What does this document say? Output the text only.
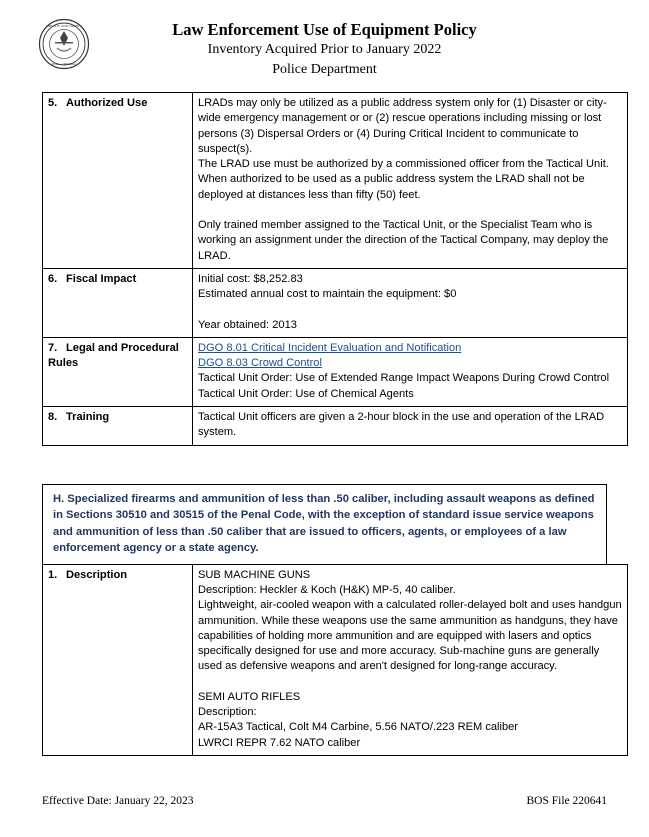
THE CITY AND COUNTY
SEAL · OFFICIAL

Law Enforcement Use of Equipment Policy

Inventory Acquired Prior to January 2022

Police Department

5. Authorized Use	LRADs may only be utilized as a public address system only for (1) Disaster or city-wide emergency management or or (2) rescue operations including missing or lost persons (3) Dispersal Orders or (4) During Critical Incident to communicate to suspect(s).

The LRAD use must be authorized by a commissioned officer from the Tactical Unit.

When authorized to be used as a public address system the LRAD shall not be deployed at distances less than fifty (50) feet.

Only trained member assigned to the Tactical Unit, or the Specialist Team who is working an assignment under the direction of the Tactical Company, may deploy the LRAD.

6. Fiscal Impact	Initial cost: $8,252.83

Estimated annual cost to maintain the equipment: $0

Year obtained: 2013

7. Legal and Procedural Rules	DGO 8.01 Critical Incident Evaluation and Notification

DGO 8.03 Crowd Control

Tactical Unit Order: Use of Extended Range Impact Weapons During Crowd Control

Tactical Unit Order: Use of Chemical Agents

8. Training	Tactical Unit officers are given a 2-hour block in the use and operation of the LRAD system.

H. Specialized firearms and ammunition of less than .50 caliber, including assault weapons as defined in Sections 30510 and 30515 of the Penal Code, with the exception of standard issue service weapons and ammunition of less than .50 caliber that are issued to officers, agents, or employees of a law enforcement agency or a state agency.

1. Description	SUB MACHINE GUNS

Description: Heckler & Koch (H&K) MP-5, 40 caliber.

Lightweight, air-cooled weapon with a calculated roller-delayed bolt and uses handgun ammunition. While these weapons use the same ammunition as handguns, they have capabilities of holding more ammunition and are equipped with lasers and optics specifically designed for use and more accuracy. Sub-machine guns are generally used as defensive weapons and aren't designed for long-range accuracy.

SEMI AUTO RIFLES

Description:

AR-15A3 Tactical, Colt M4 Carbine, 5.56 NATO/.223 REM caliber

LWRCI REPR 7.62 NATO caliber

Effective Date: January 22, 2023	BOS File 220641
